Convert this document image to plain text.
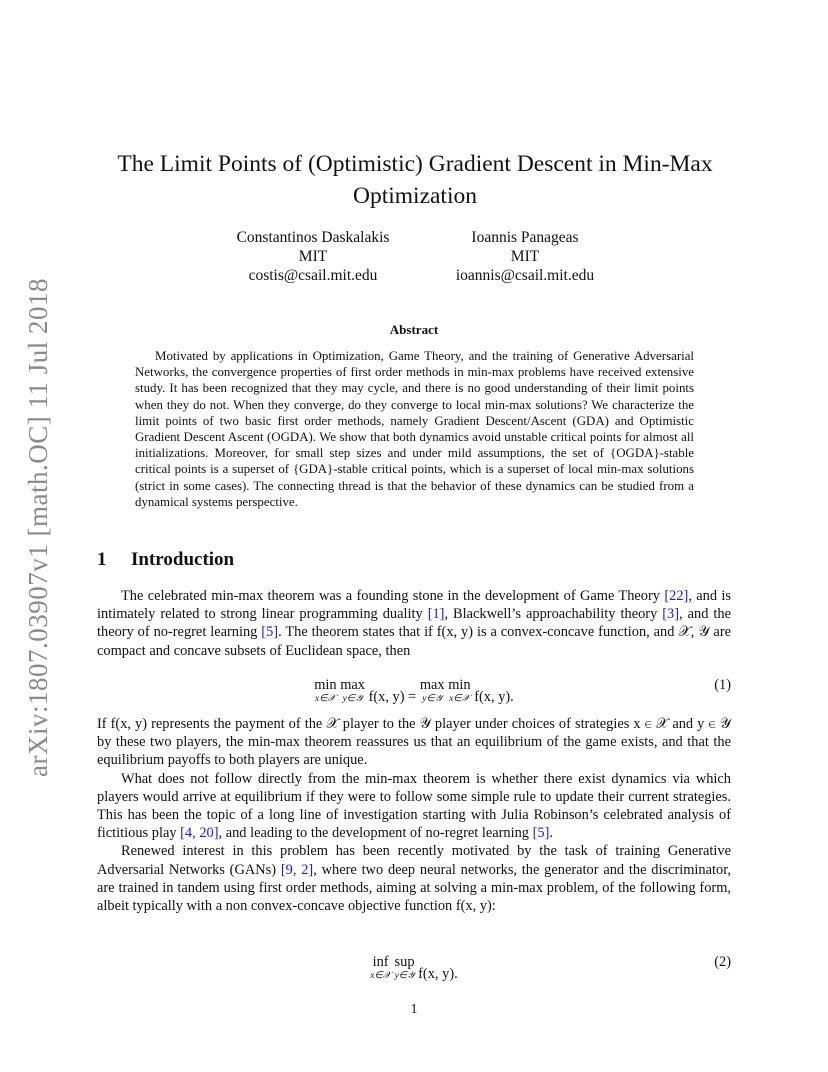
arXiv:1807.03907v1 [math.OC] 11 Jul 2018
The Limit Points of (Optimistic) Gradient Descent in Min-Max
Optimization
Constantinos Daskalakis
MIT
costis@csail.mit.edu
Ioannis Panageas
MIT
ioannis@csail.mit.edu
Abstract

Motivated by applications in Optimization, Game Theory, and the training of Generative Adversarial Networks, the convergence properties of first order methods in min-max problems have received extensive study. It has been recognized that they may cycle, and there is no good understanding of their limit points when they do not. When they converge, do they converge to local min-max solutions? We characterize the limit points of two basic first order methods, namely Gradient Descent/Ascent (GDA) and Optimistic Gradient Descent Ascent (OGDA). We show that both dynamics avoid unstable critical points for almost all initializations. Moreover, for small step sizes and under mild assumptions, the set of {OGDA}-stable critical points is a superset of {GDA}-stable critical points, which is a superset of local min-max solutions (strict in some cases). The connecting thread is that the behavior of these dynamics can be studied from a dynamical systems perspective.

1 Introduction

The celebrated min-max theorem was a founding stone in the development of Game Theory [22], and is intimately related to strong linear programming duality [1], Blackwell’s approachability theory [3], and the theory of no-regret learning [5]. The theorem states that if f(x, y) is a convex-concave function, and 𝒳, 𝒴 are compact and concave subsets of Euclidean space, then

min
x∈𝒳
max
y∈𝒴 f(x, y) = max
y∈𝒴
min
x∈𝒳 f(x, y).
(1)

If f(x, y) represents the payment of the 𝒳 player to the 𝒴 player under choices of strategies x ∈ 𝒳 and y ∈ 𝒴 by these two players, the min-max theorem reassures us that an equilibrium of the game exists, and that the equilibrium payoffs to both players are unique.

What does not follow directly from the min-max theorem is whether there exist dynamics via which players would arrive at equilibrium if they were to follow some simple rule to update their current strategies. This has been the topic of a long line of investigation starting with Julia Robinson’s celebrated analysis of fictitious play [4, 20], and leading to the development of no-regret learning [5].

Renewed interest in this problem has been recently motivated by the task of training Generative Adversarial Networks (GANs) [9, 2], where two deep neural networks, the generator and the discriminator, are trained in tandem using first order methods, aiming at solving a min-max problem, of the following form, albeit typically with a non convex-concave objective function f(x, y):

inf
x∈𝒳
sup
y∈𝒴 f(x, y).
(2)
1
